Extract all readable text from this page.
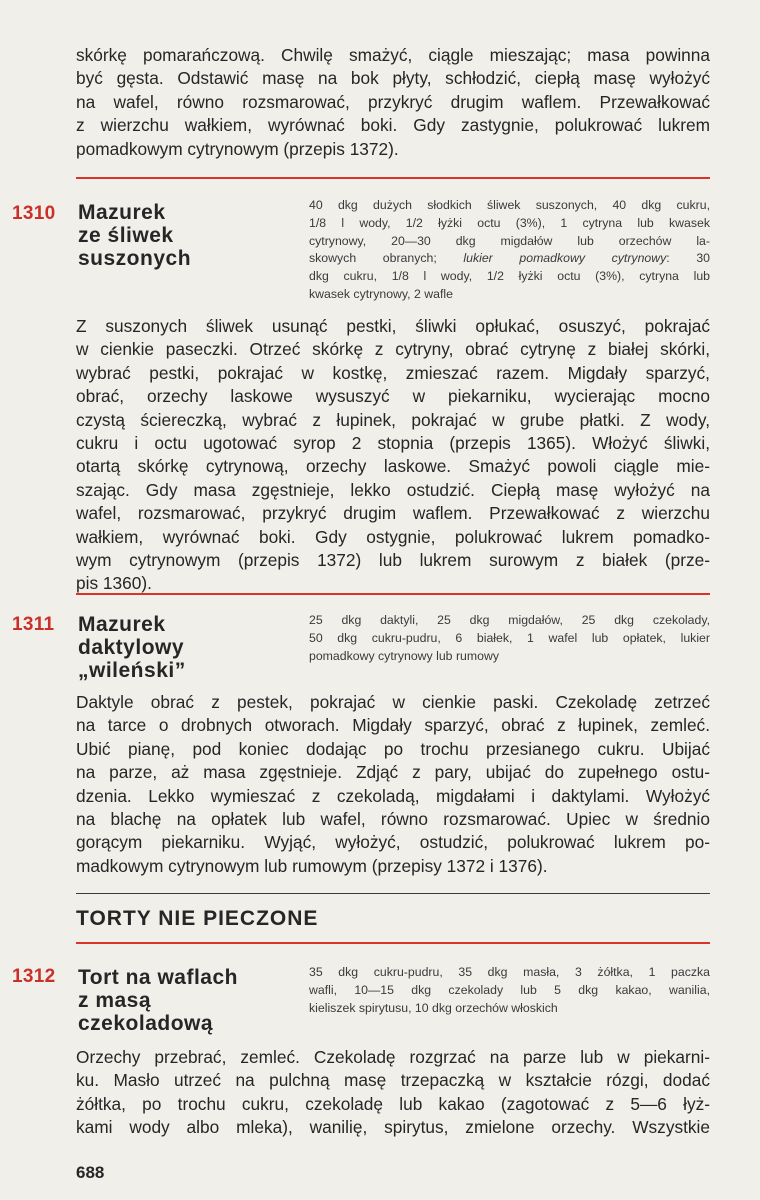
skórkę pomarańczową. Chwilę smażyć, ciągle mieszając; masa powinna
być gęsta. Odstawić masę na bok płyty, schłodzić, ciepłą masę wyłożyć
na wafel, równo rozsmarować, przykryć drugim waflem. Przewałkować
z wierzchu wałkiem, wyrównać boki. Gdy zastygnie, polukrować lukrem
pomadkowym cytrynowym (przepis 1372).
1310 Mazurek
ze śliwek
suszonych
40 dkg dużych słodkich śliwek suszonych, 40 dkg cukru,
1/8 l wody, 1/2 łyżki octu (3%), 1 cytryna lub kwasek
cytrynowy, 20—30 dkg migdałów lub orzechów la-
skowych obranych; lukier pomadkowy cytrynowy: 30
dkg cukru, 1/8 l wody, 1/2 łyżki octu (3%), cytryna lub
kwasek cytrynowy, 2 wafle
Z suszonych śliwek usunąć pestki, śliwki opłukać, osuszyć, pokrajać
w cienkie paseczki. Otrzeć skórkę z cytryny, obrać cytrynę z białej skórki,
wybrać pestki, pokrajać w kostkę, zmieszać razem. Migdały sparzyć,
obrać, orzechy laskowe wysuszyć w piekarniku, wycierając mocno
czystą ściereczką, wybrać z łupinek, pokrajać w grube płatki. Z wody,
cukru i octu ugotować syrop 2 stopnia (przepis 1365). Włożyć śliwki,
otartą skórkę cytrynową, orzechy laskowe. Smażyć powoli ciągle mie-
szając. Gdy masa zgęstnieje, lekko ostudzić. Ciepłą masę wyłożyć na
wafel, rozsmarować, przykryć drugim waflem. Przewałkować z wierzchu
wałkiem, wyrównać boki. Gdy ostygnie, polukrować lukrem pomadko-
wym cytrynowym (przepis 1372) lub lukrem surowym z białek (prze-
pis 1360).
1311 Mazurek
daktylowy
„wileński”
25 dkg daktyli, 25 dkg migdałów, 25 dkg czekolady,
50 dkg cukru-pudru, 6 białek, 1 wafel lub opłatek, lukier
pomadkowy cytrynowy lub rumowy
Daktyle obrać z pestek, pokrajać w cienkie paski. Czekoladę zetrzeć
na tarce o drobnych otworach. Migdały sparzyć, obrać z łupinek, zemleć.
Ubić pianę, pod koniec dodając po trochu przesianego cukru. Ubijać
na parze, aż masa zgęstnieje. Zdjąć z pary, ubijać do zupełnego ostu-
dzenia. Lekko wymieszać z czekoladą, migdałami i daktylami. Wyłożyć
na blachę na opłatek lub wafel, równo rozsmarować. Upiec w średnio
gorącym piekarniku. Wyjąć, wyłożyć, ostudzić, polukrować lukrem po-
madkowym cytrynowym lub rumowym (przepisy 1372 i 1376).
TORTY NIE PIECZONE
1312 Tort na waflach
z masą
czekoladową
35 dkg cukru-pudru, 35 dkg masła, 3 żółtka, 1 paczka
wafli, 10—15 dkg czekolady lub 5 dkg kakao, wanilia,
kieliszek spirytusu, 10 dkg orzechów włoskich
Orzechy przebrać, zemleć. Czekoladę rozgrzać na parze lub w piekarni-
ku. Masło utrzeć na pulchną masę trzepaczką w kształcie rózgi, dodać
żółtka, po trochu cukru, czekoladę lub kakao (zagotować z 5—6 łyż-
kami wody albo mleka), wanilię, spirytus, zmielone orzechy. Wszystkie
688
